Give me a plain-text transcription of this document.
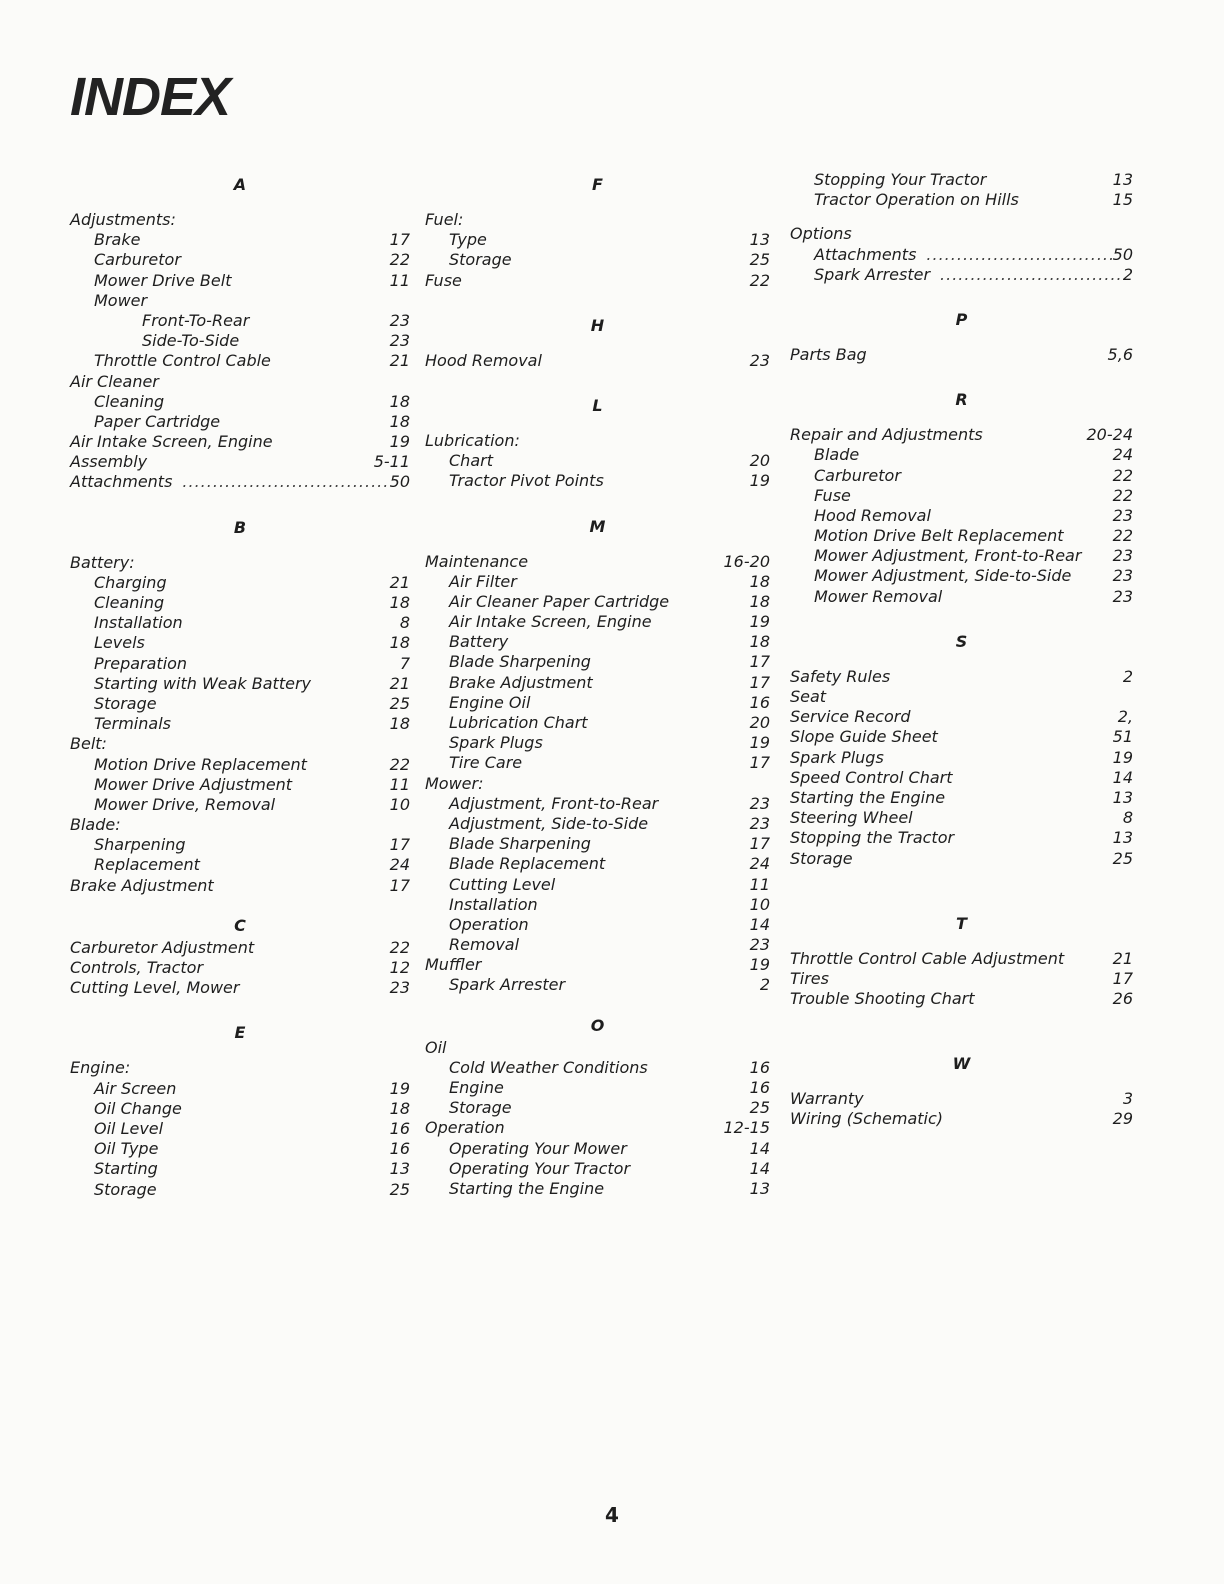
INDEX
A
Adjustments:
Brake	17
Carburetor	22
Mower Drive Belt	11
Mower
Front-To-Rear	23
Side-To-Side	23
Throttle Control Cable	21
Air Cleaner
Cleaning	18
Paper Cartridge	18
Air Intake Screen, Engine	19
Assembly	5-11
Attachments .....	50
B
Battery:
Charging	21
Cleaning	18
Installation	8
Levels	18
Preparation	7
Starting with Weak Battery	21
Storage	25
Terminals	18
Belt:
Motion Drive Replacement	22
Mower Drive Adjustment	11
Mower Drive, Removal	10
Blade:
Sharpening	17
Replacement	24
Brake Adjustment	17
C
Carburetor Adjustment	22
Controls, Tractor	12
Cutting Level, Mower	23
E
Engine:
Air Screen	19
Oil Change	18
Oil Level	16
Oil Type	16
Starting	13
Storage	25
F
Fuel:
Type	13
Storage	25
Fuse	22
H
Hood Removal	23
L
Lubrication:
Chart	20
Tractor Pivot Points	19
M
Maintenance	16-20
Air Filter	18
Air Cleaner Paper Cartridge	18
Air Intake Screen, Engine	19
Battery	18
Blade Sharpening	17
Brake Adjustment	17
Engine Oil	16
Lubrication Chart	20
Spark Plugs	19
Tire Care	17
Mower:
Adjustment, Front-to-Rear	23
Adjustment, Side-to-Side	23
Blade Sharpening	17
Blade Replacement	24
Cutting Level	11
Installation	10
Operation	14
Removal	23
Muffler	19
Spark Arrester	2
O
Oil
Cold Weather Conditions	16
Engine	16
Storage	25
Operation	12-15
Operating Your Mower	14
Operating Your Tractor	14
Starting the Engine	13
Stopping Your Tractor	13
Tractor Operation on Hills	15
Options
Attachments .....	50
Spark Arrester .....	2
P
Parts Bag	5,6
R
Repair and Adjustments	20-24
Blade	24
Carburetor	22
Fuse	22
Hood Removal	23
Motion Drive Belt Replacement	22
Mower Adjustment, Front-to-Rear 23
Mower Adjustment, Side-to-Side	23
Mower Removal	23
S
Safety Rules	2
Seat
Service Record	2,
Slope Guide Sheet	51
Spark Plugs	19
Speed Control Chart	14
Starting the Engine	13
Steering Wheel	8
Stopping the Tractor	13
Storage	25
T
Throttle Control Cable Adjustment	21
Tires	17
Trouble Shooting Chart	26
W
Warranty	3
Wiring (Schematic)	29
4
